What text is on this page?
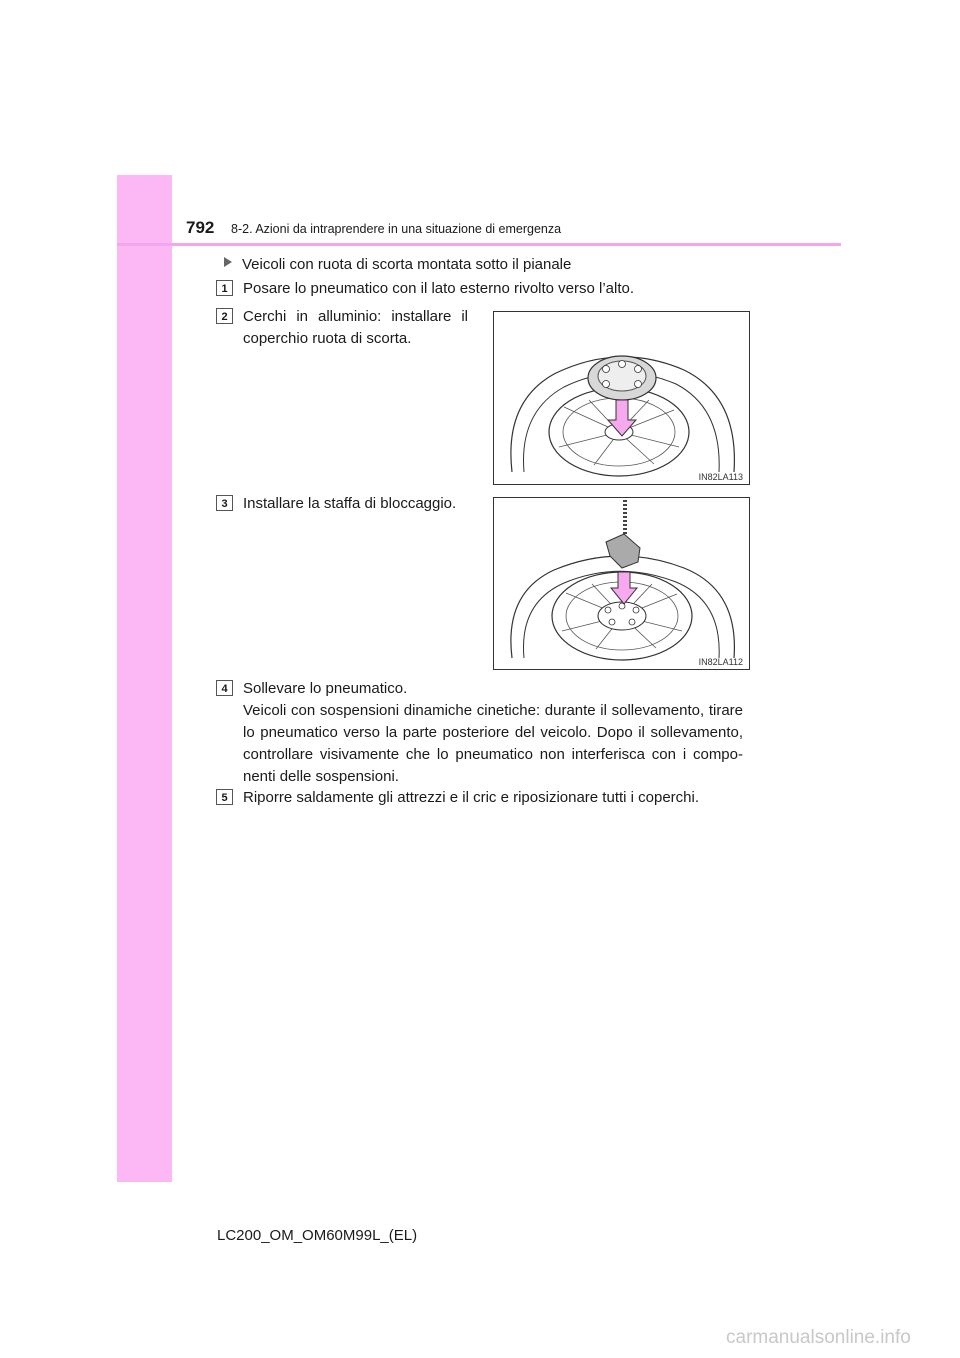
792 8-2. Azioni da intraprendere in una situazione di emergenza
Veicoli con ruota di scorta montata sotto il pianale
1	Posare lo pneumatico con il lato esterno rivolto verso l’alto.
2	Cerchi in alluminio: installare il coperchio ruota di scorta.
IN82LA113
3	Installare la staffa di bloccaggio.
IN82LA112
4	Sollevare lo pneumatico.
Veicoli con sospensioni dinamiche cinetiche: durante il sollevamento, tirare lo pneumatico verso la parte posteriore del veicolo. Dopo il sollevamento, controllare visivamente che lo pneumatico non interferisca con i compo-nenti delle sospensioni.
5	Riporre saldamente gli attrezzi e il cric e riposizionare tutti i coperchi.
LC200_OM_OM60M99L_(EL)
carmanualsonline.info
